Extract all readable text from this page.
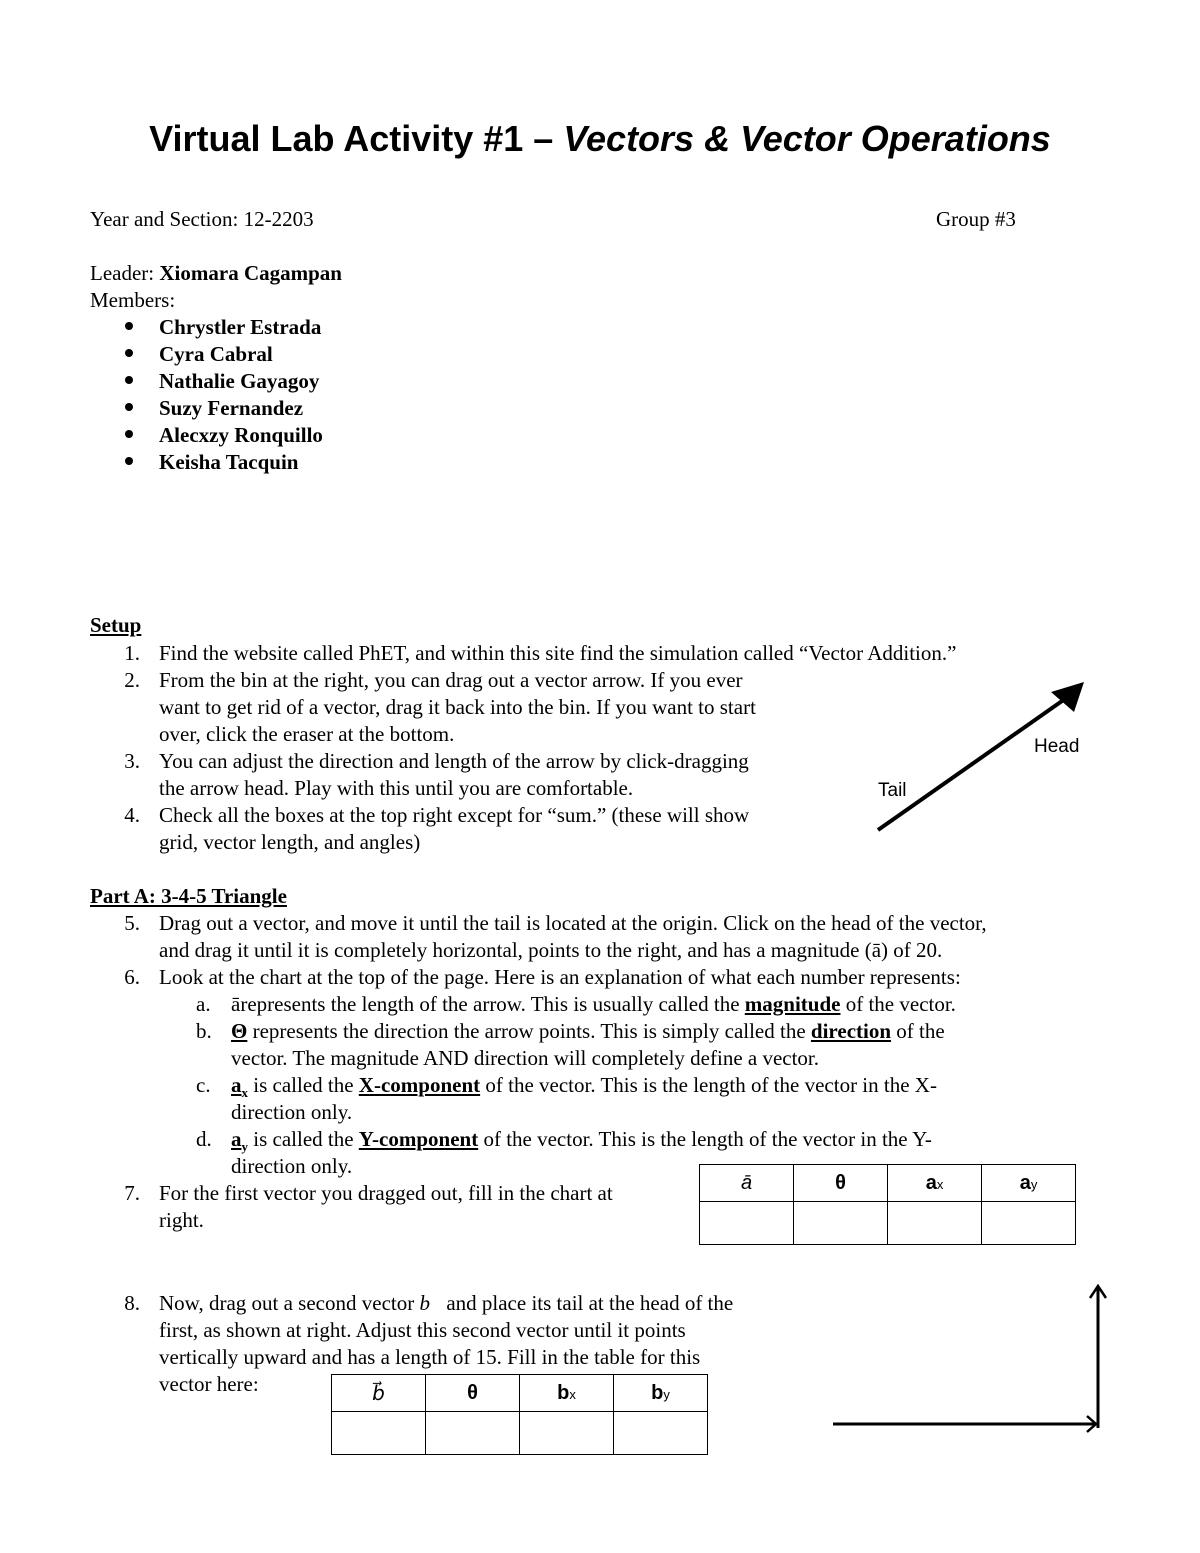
Virtual Lab Activity #1 – Vectors & Vector Operations
Year and Section: 12-2203	Group #3
Leader: Xiomara Cagampan
Members:
Chrystler Estrada
Cyra Cabral
Nathalie Gayagoy
Suzy Fernandez
Alecxzy Ronquillo
Keisha Tacquin
Setup
1. Find the website called PhET, and within this site find the simulation called “Vector Addition.”
2. From the bin at the right, you can drag out a vector arrow. If you ever
want to get rid of a vector, drag it back into the bin. If you want to start
over, click the eraser at the bottom.
3. You can adjust the direction and length of the arrow by click-dragging
the arrow head. Play with this until you are comfortable.
4. Check all the boxes at the top right except for “sum.” (these will show
grid, vector length, and angles)
Head
Tail
Part A: 3-4-5 Triangle
5. Drag out a vector, and move it until the tail is located at the origin. Click on the head of the vector,
and drag it until it is completely horizontal, points to the right, and has a magnitude (ā) of 20.
6. Look at the chart at the top of the page. Here is an explanation of what each number represents:
a. ārepresents the length of the arrow. This is usually called the magnitude of the vector.
b. Θ represents the direction the arrow points. This is simply called the direction of the
vector. The magnitude AND direction will completely define a vector.
c. $a_x$ is called the X-component of the vector. This is the length of the vector in the X-
direction only.
d. $a_y$ is called the Y-component of the vector. This is the length of the vector in the Y-
direction only.
7. For the first vector you dragged out, fill in the chart at
right.
ā	θ	ax	ay

8. Now, drag out a second vector b⃗and place its tail at the head of the
first, as shown at right. Adjust this second vector until it points
vertically upward and has a length of 15. Fill in the table for this
vector here:	b⃗	θ	bx	by
